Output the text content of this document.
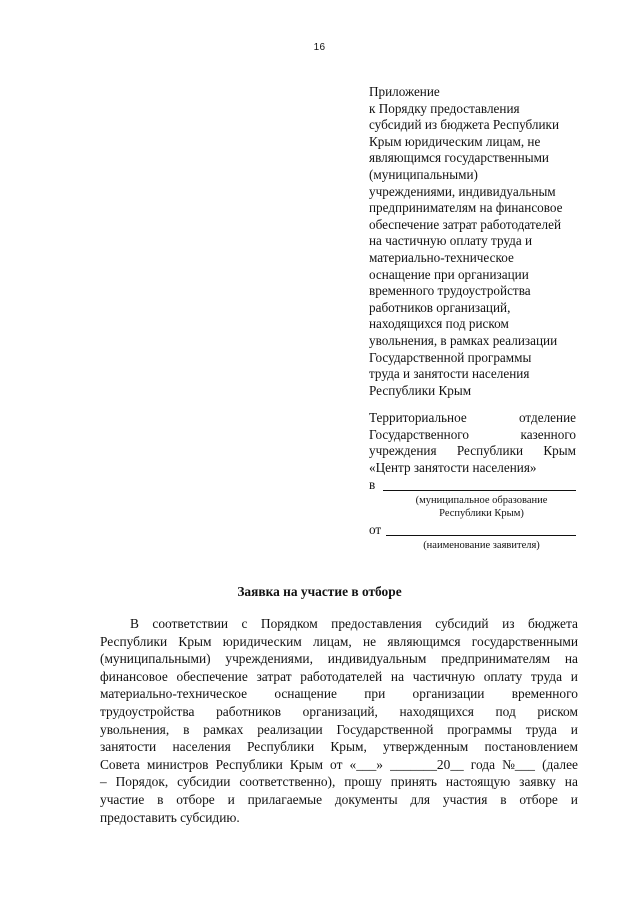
16
Приложение
к Порядку предоставления
субсидий из бюджета Республики
Крым юридическим лицам, не
являющимся государственными
(муниципальными)
учреждениями, индивидуальным
предпринимателям на финансовое
обеспечение затрат работодателей
на частичную оплату труда и
материально-техническое
оснащение при организации
временного трудоустройства
работников организаций,
находящихся под риском
увольнения, в рамках реализации
Государственной программы
труда и занятости населения
Республики Крым
Территориальное	отделение
Государственного	казенного
учреждения Республики Крым
«Центр занятости населения»
в
(муниципальное образование
Республики Крым)
от
(наименование заявителя)
Заявка на участие в отборе
В соответствии с Порядком предоставления субсидий из бюджета
Республики Крым юридическим лицам, не являющимся государственными
(муниципальными) учреждениями, индивидуальным предпринимателям на
финансовое обеспечение затрат работодателей на частичную оплату труда и
материально-техническое оснащение при организации временного
трудоустройства работников организаций, находящихся под риском
увольнения, в рамках реализации Государственной программы труда и
занятости населения Республики Крым, утвержденным постановлением
Совета министров Республики Крым от «___» _______20__ года №___ (далее
– Порядок, субсидии соответственно), прошу принять настоящую заявку на
участие в отборе и прилагаемые документы для участия в отборе и
предоставить субсидию.
